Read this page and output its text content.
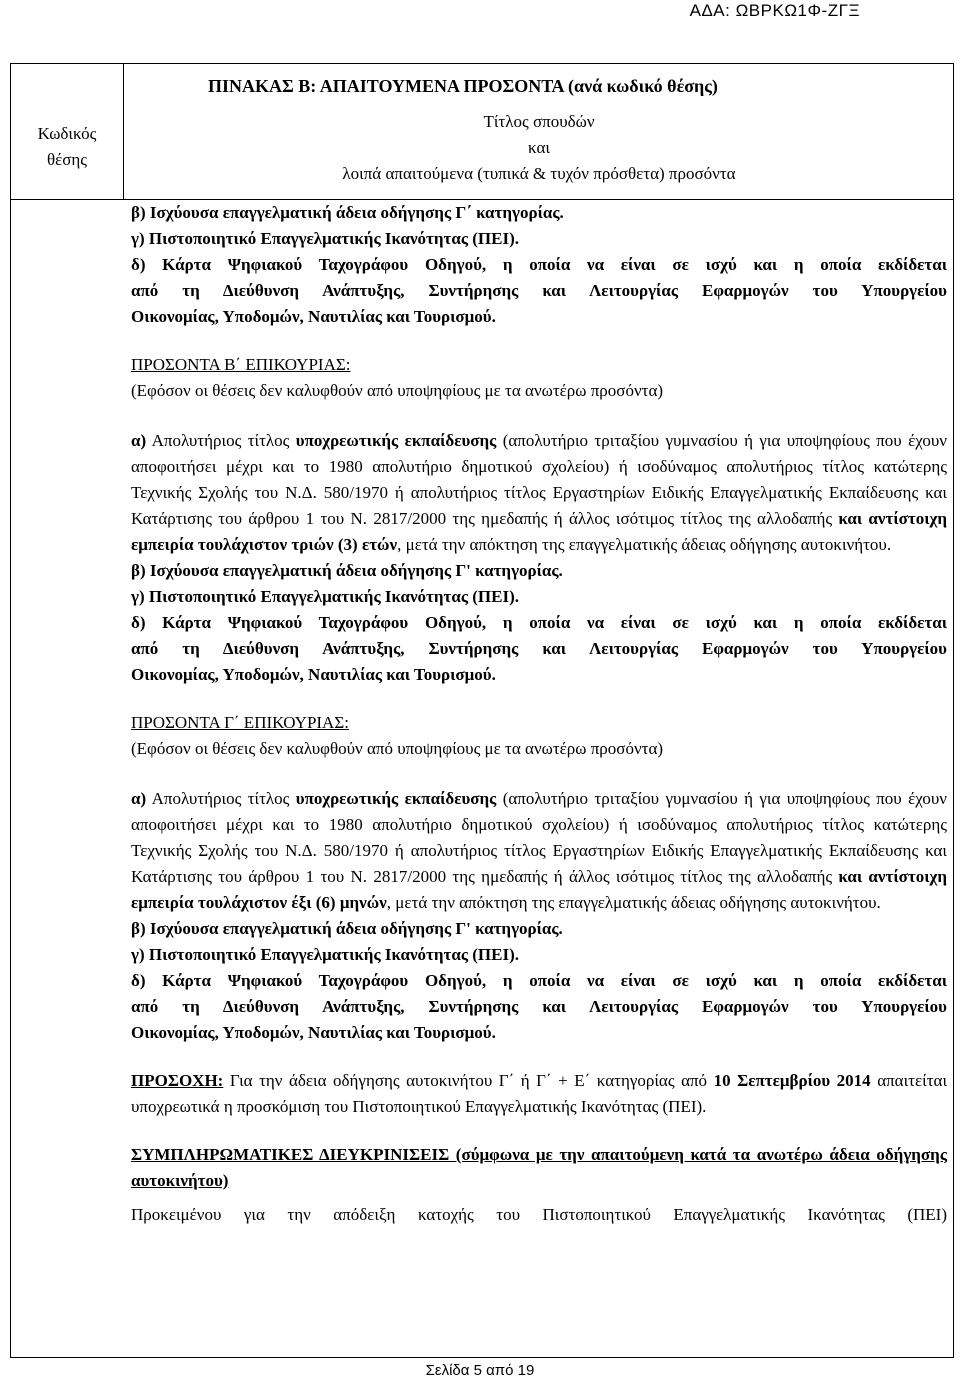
ΑΔΑ: ΩΒΡΚΩ1Φ-ΖΓΞ
ΠΙΝΑΚΑΣ Β: ΑΠΑΙΤΟΥΜΕΝΑ ΠΡΟΣΟΝΤΑ (ανά κωδικό θέσης)
Κωδικός
θέσης
Τίτλος σπουδών
και
λοιπά απαιτούμενα (τυπικά & τυχόν πρόσθετα) προσόντα

β) Ισχύουσα επαγγελματική άδεια οδήγησης Γ΄ κατηγορίας.

γ) Πιστοποιητικό Επαγγελματικής Ικανότητας (ΠΕΙ).

δ) Κάρτα Ψηφιακού Ταχογράφου Οδηγού, η οποία να είναι σε ισχύ και η οποία εκδίδεται

από τη Διεύθυνση Ανάπτυξης, Συντήρησης και Λειτουργίας Εφαρμογών του Υπουργείου

Οικονομίας, Υποδομών, Ναυτιλίας και Τουρισμού.

ΠΡΟΣΟΝΤΑ Β΄ ΕΠΙΚΟΥΡΙΑΣ:

(Εφόσον οι θέσεις δεν καλυφθούν από υποψηφίους με τα ανωτέρω προσόντα)

α) Απολυτήριος τίτλος υποχρεωτικής εκπαίδευσης (απολυτήριο τριταξίου γυμνασίου ή για υποψηφίους που έχουν αποφοιτήσει μέχρι και το 1980 απολυτήριο δημοτικού σχολείου) ή ισοδύναμος απολυτήριος τίτλος κατώτερης Τεχνικής Σχολής του Ν.Δ. 580/1970 ή απολυτήριος τίτλος Εργαστηρίων Ειδικής Επαγγελματικής Εκπαίδευσης και Κατάρτισης του άρθρου 1 του Ν. 2817/2000 της ημεδαπής ή άλλος ισότιμος τίτλος της αλλοδαπής και αντίστοιχη εμπειρία τουλάχιστον τριών (3) ετών, μετά την απόκτηση της επαγγελματικής άδειας οδήγησης αυτοκινήτου.

β) Ισχύουσα επαγγελματική άδεια οδήγησης Γ' κατηγορίας.

γ) Πιστοποιητικό Επαγγελματικής Ικανότητας (ΠΕΙ).

δ) Κάρτα Ψηφιακού Ταχογράφου Οδηγού, η οποία να είναι σε ισχύ και η οποία εκδίδεται

από τη Διεύθυνση Ανάπτυξης, Συντήρησης και Λειτουργίας Εφαρμογών του Υπουργείου

Οικονομίας, Υποδομών, Ναυτιλίας και Τουρισμού.

ΠΡΟΣΟΝΤΑ Γ΄ ΕΠΙΚΟΥΡΙΑΣ:

(Εφόσον οι θέσεις δεν καλυφθούν από υποψηφίους με τα ανωτέρω προσόντα)

α) Απολυτήριος τίτλος υποχρεωτικής εκπαίδευσης (απολυτήριο τριταξίου γυμνασίου ή για υποψηφίους που έχουν αποφοιτήσει μέχρι και το 1980 απολυτήριο δημοτικού σχολείου) ή ισοδύναμος απολυτήριος τίτλος κατώτερης Τεχνικής Σχολής του Ν.Δ. 580/1970 ή απολυτήριος τίτλος Εργαστηρίων Ειδικής Επαγγελματικής Εκπαίδευσης και Κατάρτισης του άρθρου 1 του Ν. 2817/2000 της ημεδαπής ή άλλος ισότιμος τίτλος της αλλοδαπής και αντίστοιχη εμπειρία τουλάχιστον έξι (6) μηνών, μετά την απόκτηση της επαγγελματικής άδειας οδήγησης αυτοκινήτου.

β) Ισχύουσα επαγγελματική άδεια οδήγησης Γ' κατηγορίας.

γ) Πιστοποιητικό Επαγγελματικής Ικανότητας (ΠΕΙ).

δ) Κάρτα Ψηφιακού Ταχογράφου Οδηγού, η οποία να είναι σε ισχύ και η οποία εκδίδεται

από τη Διεύθυνση Ανάπτυξης, Συντήρησης και Λειτουργίας Εφαρμογών του Υπουργείου

Οικονομίας, Υποδομών, Ναυτιλίας και Τουρισμού.

ΠΡΟΣΟΧΗ: Για την άδεια οδήγησης αυτοκινήτου Γ΄ ή Γ΄ + Ε΄ κατηγορίας από 10 Σεπτεμβρίου 2014 απαιτείται υποχρεωτικά η προσκόμιση του Πιστοποιητικού Επαγγελματικής Ικανότητας (ΠΕΙ).

ΣΥΜΠΛΗΡΩΜΑΤΙΚΕΣ ΔΙΕΥΚΡΙΝΙΣΕΙΣ (σύμφωνα με την απαιτούμενη κατά τα ανωτέρω άδεια οδήγησης αυτοκινήτου)

Προκειμένου για την απόδειξη κατοχής του Πιστοποιητικού Επαγγελματικής Ικανότητας (ΠΕΙ)

Σελίδα 5 από 19
